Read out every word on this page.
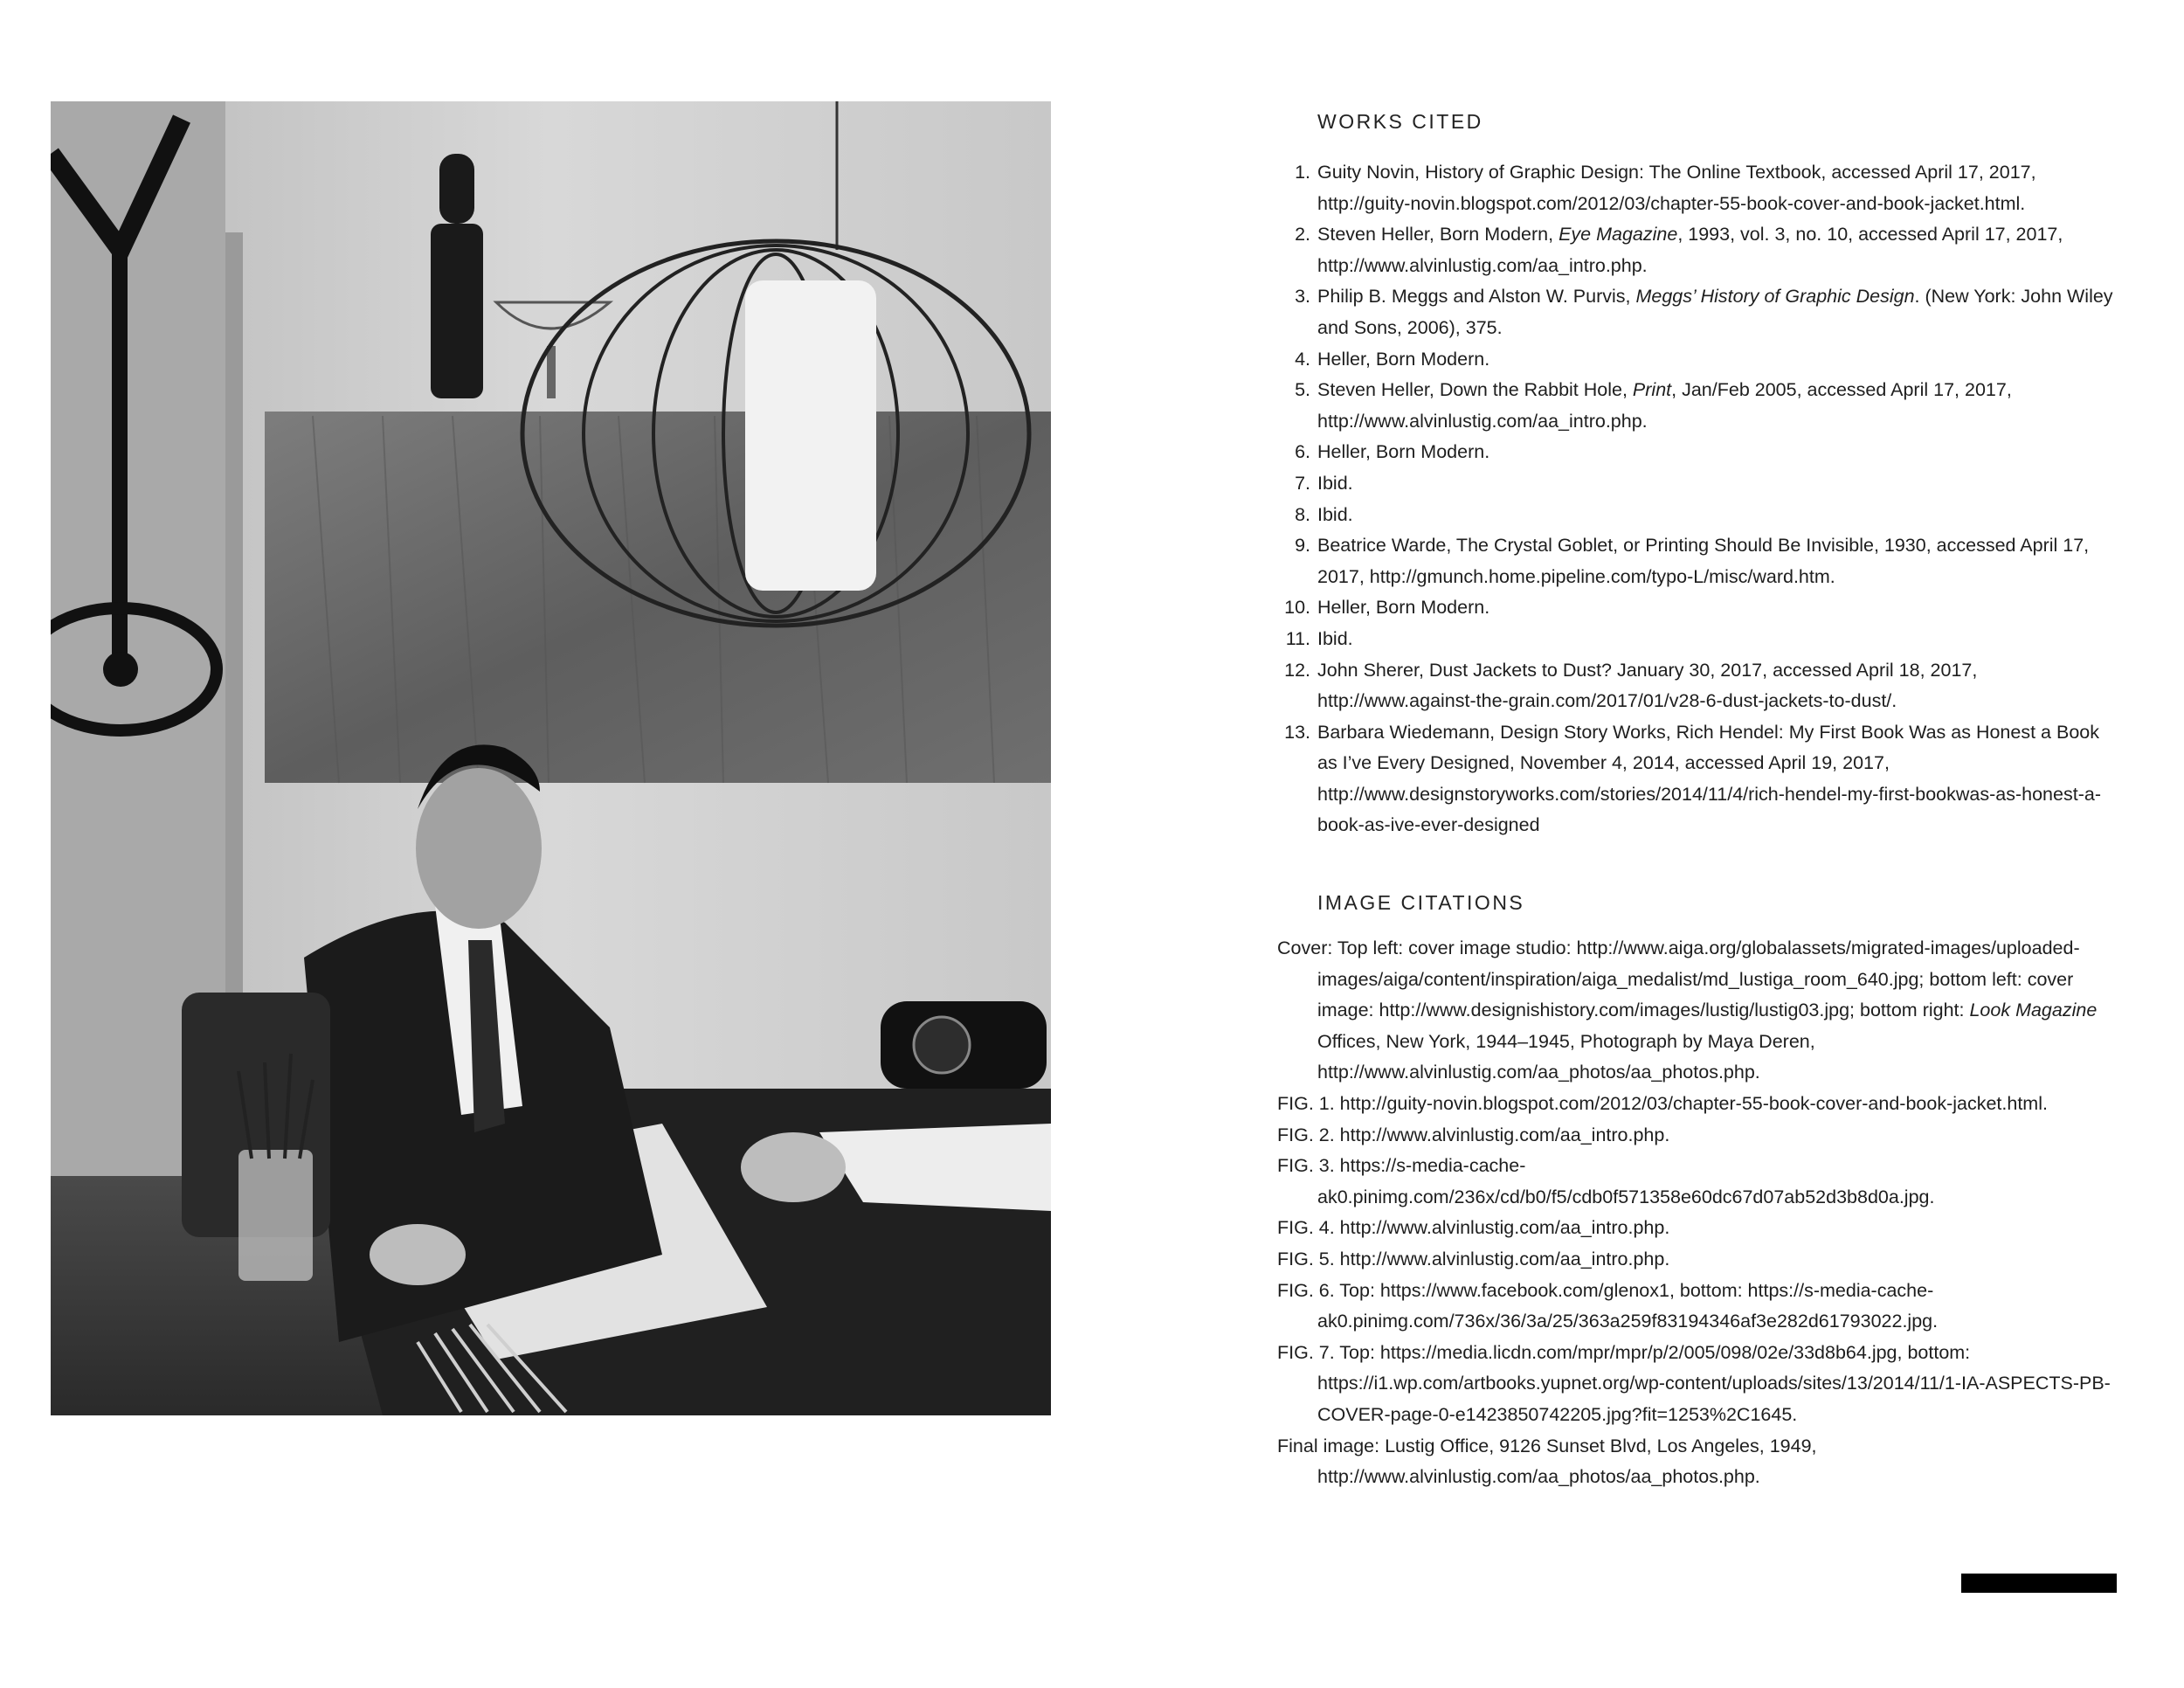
WORKS CITED
1. Guity Novin, History of Graphic Design: The Online Textbook, accessed April 17, 2017, http://guity-novin.blogspot.com/2012/03/chapter-55-book-cover-and-book-jacket.html.
2. Steven Heller, Born Modern, Eye Magazine, 1993, vol. 3, no. 10, accessed April 17, 2017, http://www.alvinlustig.com/aa_intro.php.
3. Philip B. Meggs and Alston W. Purvis, Meggs’ History of Graphic Design. (New York: John Wiley and Sons, 2006), 375.
4. Heller, Born Modern.
5. Steven Heller, Down the Rabbit Hole, Print, Jan/Feb 2005, accessed April 17, 2017, http://www.alvinlustig.com/aa_intro.php.
6. Heller, Born Modern.
7. Ibid.
8. Ibid.
9. Beatrice Warde, The Crystal Goblet, or Printing Should Be Invisible, 1930, accessed April 17, 2017, http://gmunch.home.pipeline.com/typo-L/misc/ward.htm.
10. Heller, Born Modern.
11. Ibid.
12. John Sherer, Dust Jackets to Dust? January 30, 2017, accessed April 18, 2017, http://www.against-the-grain.com/2017/01/v28-6-dust-jackets-to-dust/.
13. Barbara Wiedemann, Design Story Works, Rich Hendel: My First Book Was as Honest a Book as I’ve Every Designed, November 4, 2014, accessed April 19, 2017, http://www.designstoryworks.com/stories/2014/11/4/rich-hendel-my-first-bookwas-as-honest-a-book-as-ive-ever-designed
IMAGE CITATIONS
Cover: Top left: cover image studio: http://www.aiga.org/globalassets/migrated-images/uploaded-images/aiga/content/inspiration/aiga_medalist/md_lustiga_room_640.jpg; bottom left: cover image: http://www.designishistory.com/images/lustig/lustig03.jpg; bottom right: Look Magazine Offices, New York, 1944–1945, Photograph by Maya Deren, http://www.alvinlustig.com/aa_photos/aa_photos.php.
FIG. 1. http://guity-novin.blogspot.com/2012/03/chapter-55-book-cover-and-book-jacket.html.
FIG. 2. http://www.alvinlustig.com/aa_intro.php.
FIG. 3. https://s-media-cache-ak0.pinimg.com/236x/cd/b0/f5/cdb0f571358e60dc67d07ab52d3b8d0a.jpg.
FIG. 4. http://www.alvinlustig.com/aa_intro.php.
FIG. 5. http://www.alvinlustig.com/aa_intro.php.
FIG. 6. Top: https://www.facebook.com/glenox1, bottom: https://s-media-cache-ak0.pinimg.com/736x/36/3a/25/363a259f83194346af3e282d61793022.jpg.
FIG. 7. Top: https://media.licdn.com/mpr/mpr/p/2/005/098/02e/33d8b64.jpg, bottom: https://i1.wp.com/artbooks.yupnet.org/wp-content/uploads/sites/13/2014/11/1-IA-ASPECTS-PB-COVER-page-0-e1423850742205.jpg?fit=1253%2C1645.
Final image: Lustig Office, 9126 Sunset Blvd, Los Angeles, 1949, http://www.alvinlustig.com/aa_photos/aa_photos.php.
